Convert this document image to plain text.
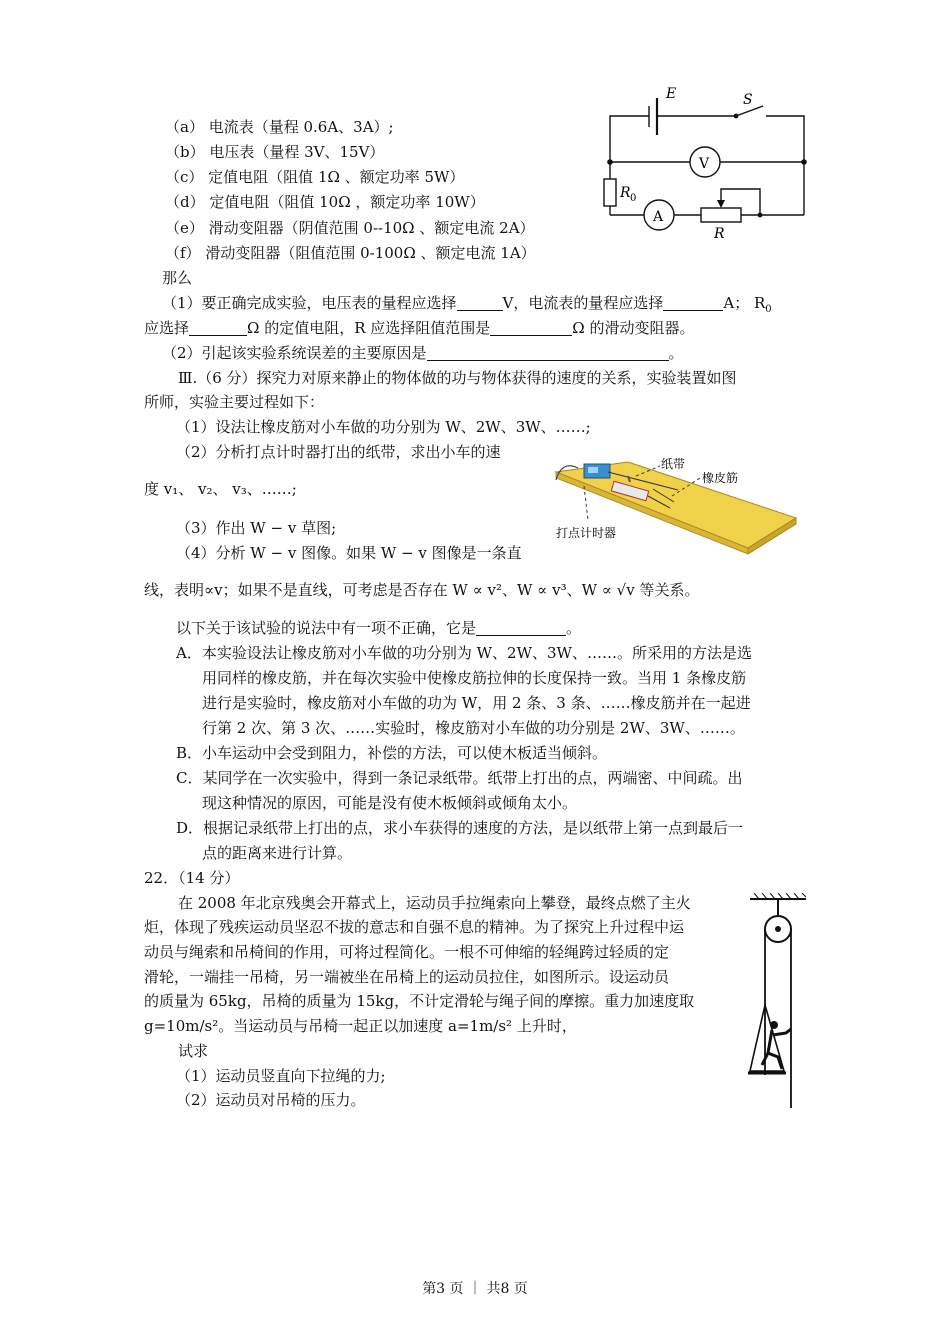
（a） 电流表（量程 0.6A、3A）;
（b） 电压表（量程 3V、15V）
（c） 定值电阻（阻值 1Ω 、额定功率 5W）
（d） 定值电阻（阻值 10Ω ，额定功率 10W）
（e） 滑动变阻器（阴值范围 0--10Ω 、额定电流 2A）
（f） 滑动变阻器（阻值范围 0-100Ω 、额定电流 1A）
那么
E	S
V
R 0
A
R
（1）要正确完成实验，电压表的量程应选择	V，电流表的量程应选择	A； $R_0$
应选择	Ω 的定值电阻，R 应选择阻值范围是	Ω 的滑动变阻器。
（2）引起该实验系统误差的主要原因是	。
Ⅲ.（6 分）探究力对原来静止的物体做的功与物体获得的速度的关系，实验装置如图
所师，实验主要过程如下：
（1）设法让橡皮筋对小车做的功分别为 W、2W、3W、……;
（2）分析打点计时器打出的纸带，求出小车的速
度 v₁、 v₂、 v₃、……;
（3）作出 W − v 草图;
（4）分析 W − v 图像。如果 W − v 图像是一条直
线，表明∝v；如果不是直线，可考虑是否存在 W ∝ v²、W ∝ v³、W ∝ √v 等关系。
纸带
橡皮筋
打点计时器
以下关于该试验的说法中有一项不正确，它是	。
A．本实验设法让橡皮筋对小车做的功分别为 W、2W、3W、……。所采用的方法是选
用同样的橡皮筋，并在每次实验中使橡皮筋拉伸的长度保持一致。当用 1 条橡皮筋
进行是实验时，橡皮筋对小车做的功为 W，用 2 条、3 条、……橡皮筋并在一起进
行第 2 次、第 3 次、……实验时，橡皮筋对小车做的功分别是 2W、3W、……。
B．小车运动中会受到阻力，补偿的方法，可以使木板适当倾斜。
C．某同学在一次实验中，得到一条记录纸带。纸带上打出的点，两端密、中间疏。出
现这种情况的原因，可能是没有使木板倾斜或倾角太小。
D．根据记录纸带上打出的点，求小车获得的速度的方法，是以纸带上第一点到最后一
点的距离来进行计算。
22．（14 分）
在 2008 年北京残奥会开幕式上，运动员手拉绳索向上攀登，最终点燃了主火
炬，体现了残疾运动员坚忍不拔的意志和自强不息的精神。为了探究上升过程中运
动员与绳索和吊椅间的作用，可将过程简化。一根不可伸缩的轻绳跨过轻质的定
滑轮，一端挂一吊椅，另一端被坐在吊椅上的运动员拉住，如图所示。设运动员
的质量为 65kg，吊椅的质量为 15kg，不计定滑轮与绳子间的摩擦。重力加速度取
g=10m/s²。当运动员与吊椅一起正以加速度 a=1m/s² 上升时，
试求
（1）运动员竖直向下拉绳的力;
（2）运动员对吊椅的压力。
第3 页 ｜ 共8 页
